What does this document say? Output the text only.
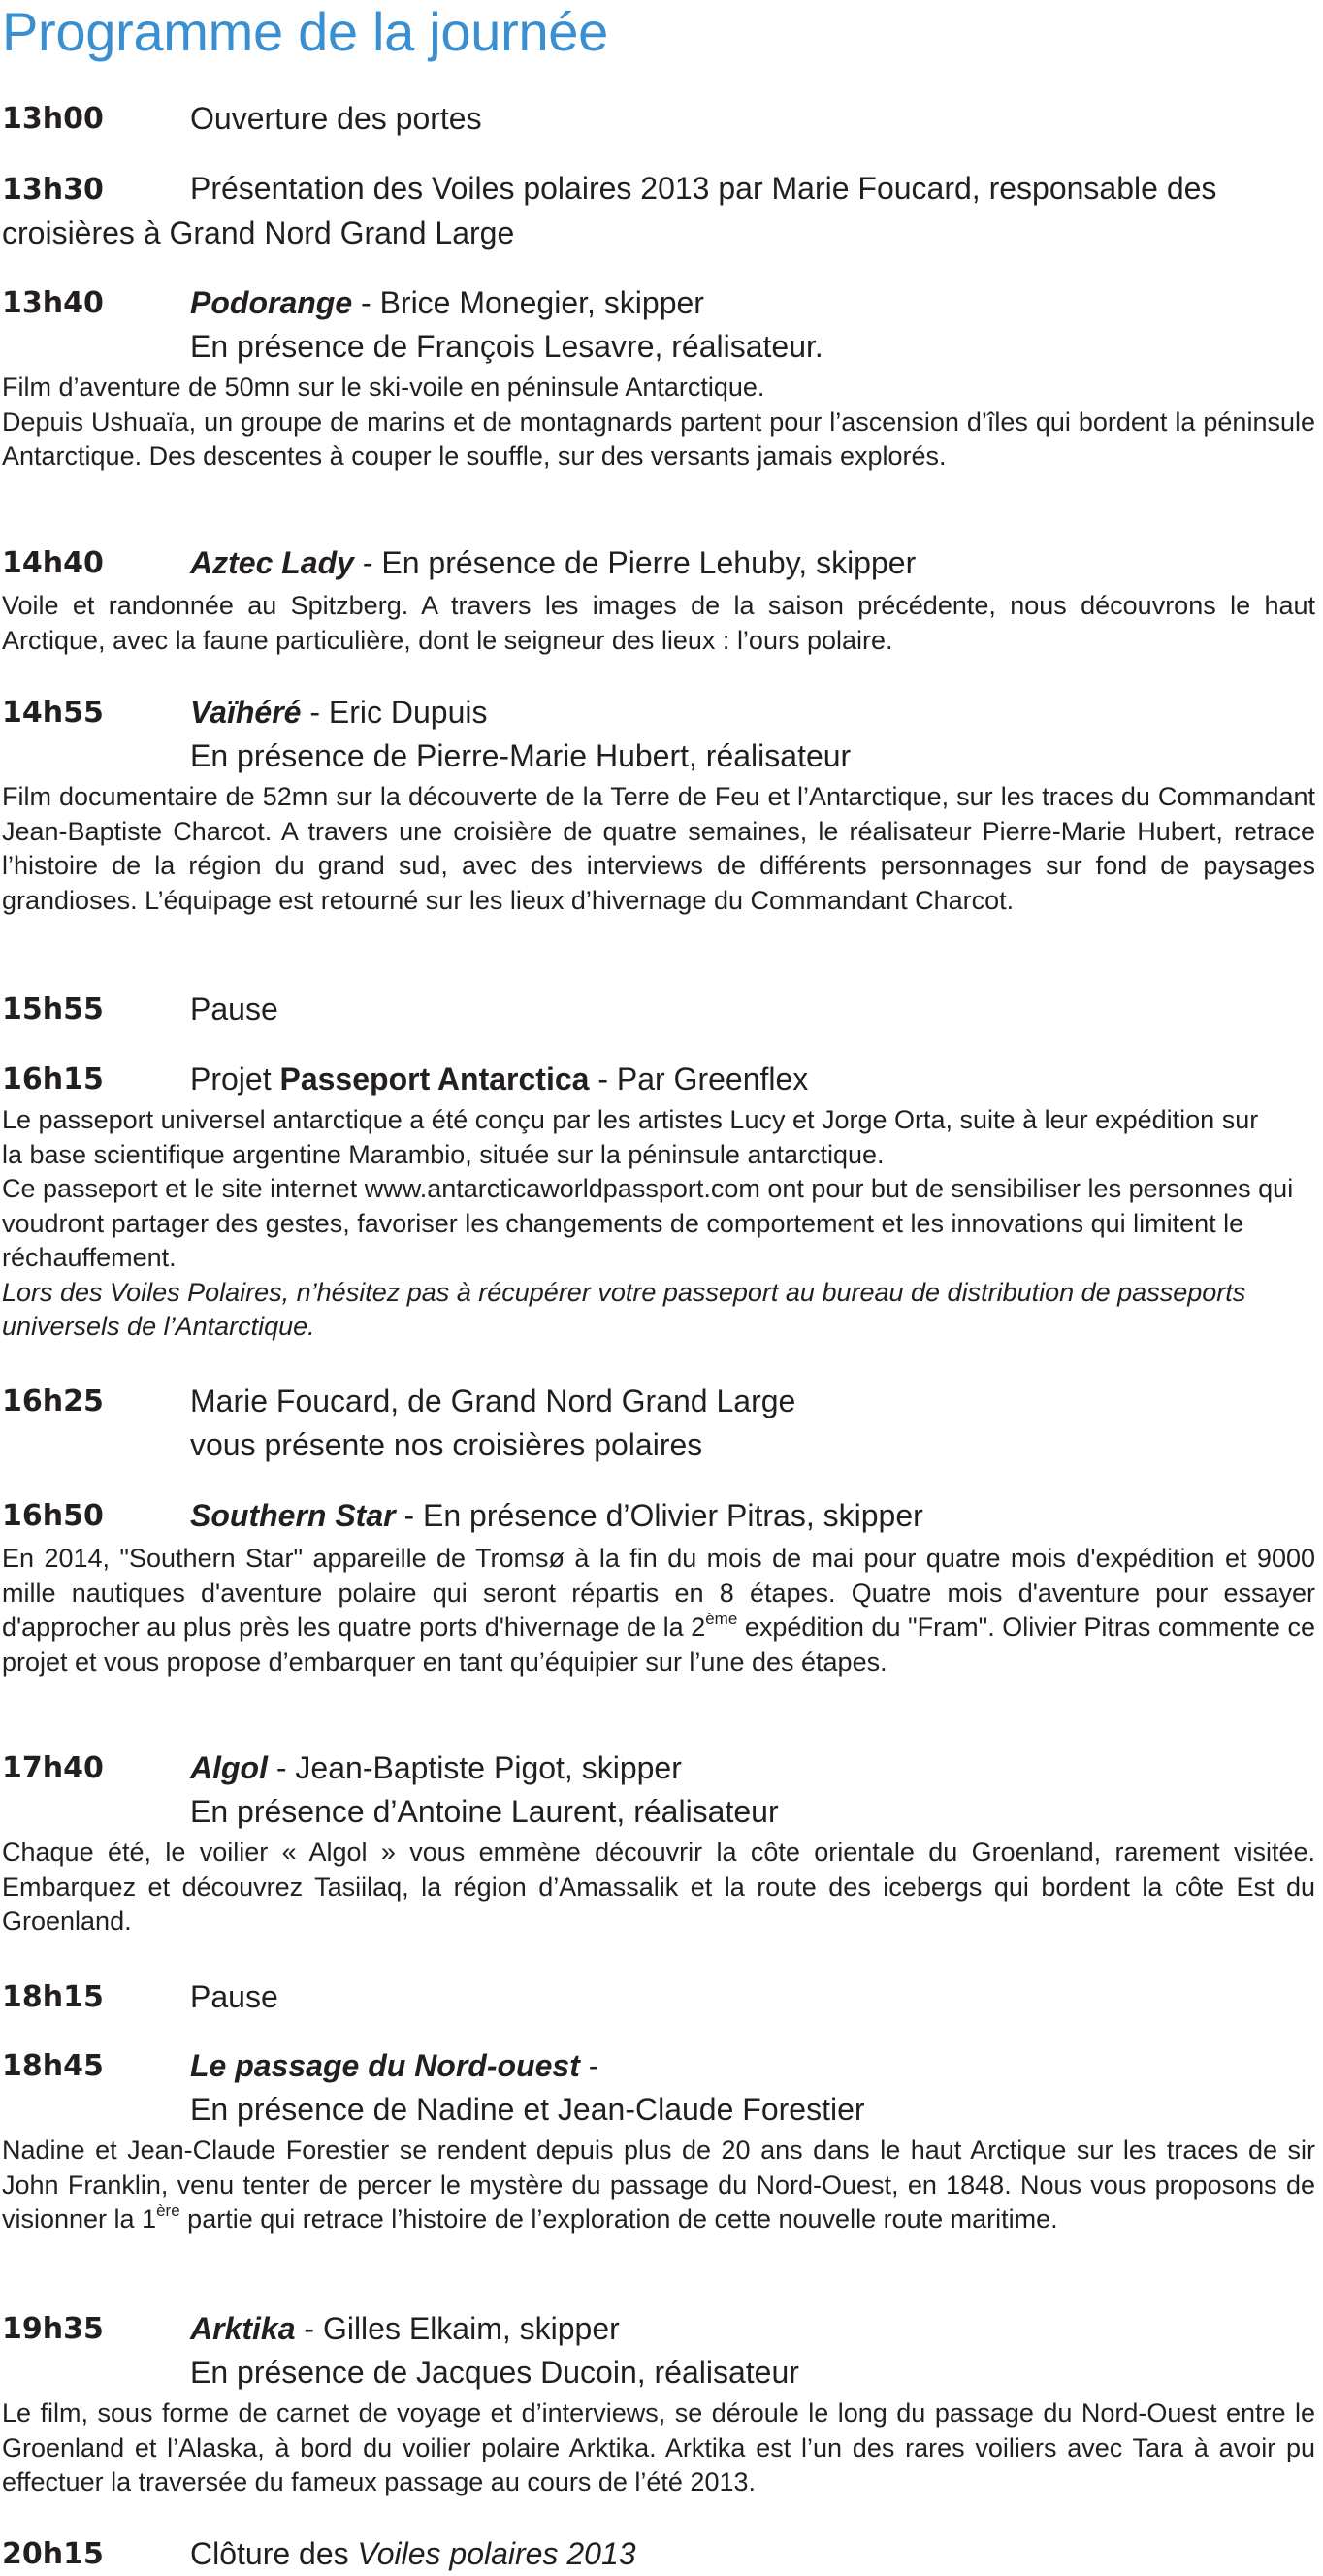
Programme de la journée
13h00	Ouverture des portes
13h30	Présentation des Voiles polaires 2013 par Marie Foucard, responsable des croisières à Grand Nord Grand Large
13h40	Podorange - Brice Monegier, skipper
En présence de François Lesavre, réalisateur.

Film d’aventure de 50mn sur le ski-voile en péninsule Antarctique.

Depuis Ushuaïa, un groupe de marins et de montagnards partent pour l’ascension d’îles qui bordent la péninsule Antarctique. Des descentes à couper le souffle, sur des versants jamais explorés.

14h40	Aztec Lady - En présence de Pierre Lehuby, skipper

Voile et randonnée au Spitzberg. A travers les images de la saison précédente, nous découvrons le haut Arctique, avec la faune particulière, dont le seigneur des lieux : l’ours polaire.

14h55	Vaïhéré - Eric Dupuis
En présence de Pierre-Marie Hubert, réalisateur

Film documentaire de 52mn sur la découverte de la Terre de Feu et l’Antarctique, sur les traces du Commandant Jean-Baptiste Charcot. A travers une croisière de quatre semaines, le réalisateur Pierre-Marie Hubert, retrace l’histoire de la région du grand sud, avec des interviews de différents personnages sur fond de paysages grandioses. L’équipage est retourné sur les lieux d’hivernage du Commandant Charcot.

15h55	Pause
16h15	Projet Passeport Antarctica - Par Greenflex

Le passeport universel antarctique a été conçu par les artistes Lucy et Jorge Orta, suite à leur expédition sur la base scientifique argentine Marambio, située sur la péninsule antarctique.

Ce passeport et le site internet www.antarcticaworldpassport.com ont pour but de sensibiliser les personnes qui voudront partager des gestes, favoriser les changements de comportement et les innovations qui limitent le réchauffement.

Lors des Voiles Polaires, n’hésitez pas à récupérer votre passeport au bureau de distribution de passeports universels de l’Antarctique.

16h25	Marie Foucard, de Grand Nord Grand Large
vous présente nos croisières polaires
16h50	Southern Star - En présence d’Olivier Pitras, skipper

En 2014, "Southern Star" appareille de Tromsø à la fin du mois de mai pour quatre mois d'expédition et 9000 mille nautiques d'aventure polaire qui seront répartis en 8 étapes. Quatre mois d'aventure pour essayer d'approcher au plus près les quatre ports d'hivernage de la 2ème expédition du "Fram". Olivier Pitras commente ce projet et vous propose d’embarquer en tant qu’équipier sur l’une des étapes.

17h40	Algol - Jean-Baptiste Pigot, skipper
En présence d’Antoine Laurent, réalisateur

Chaque été, le voilier « Algol » vous emmène découvrir la côte orientale du Groenland, rarement visitée. Embarquez et découvrez Tasiilaq, la région d’Amassalik et la route des icebergs qui bordent la côte Est du Groenland.

18h15	Pause
18h45	Le passage du Nord-ouest -
En présence de Nadine et Jean-Claude Forestier

Nadine et Jean-Claude Forestier se rendent depuis plus de 20 ans dans le haut Arctique sur les traces de sir John Franklin, venu tenter de percer le mystère du passage du Nord-Ouest, en 1848. Nous vous proposons de visionner la 1ère partie qui retrace l’histoire de l’exploration de cette nouvelle route maritime.

19h35	Arktika - Gilles Elkaim, skipper
En présence de Jacques Ducoin, réalisateur

Le film, sous forme de carnet de voyage et d’interviews, se déroule le long du passage du Nord-Ouest entre le Groenland et l’Alaska, à bord du voilier polaire Arktika. Arktika est l’un des rares voiliers avec Tara à avoir pu effectuer la traversée du fameux passage au cours de l’été 2013.

20h15	Clôture des Voiles polaires 2013
